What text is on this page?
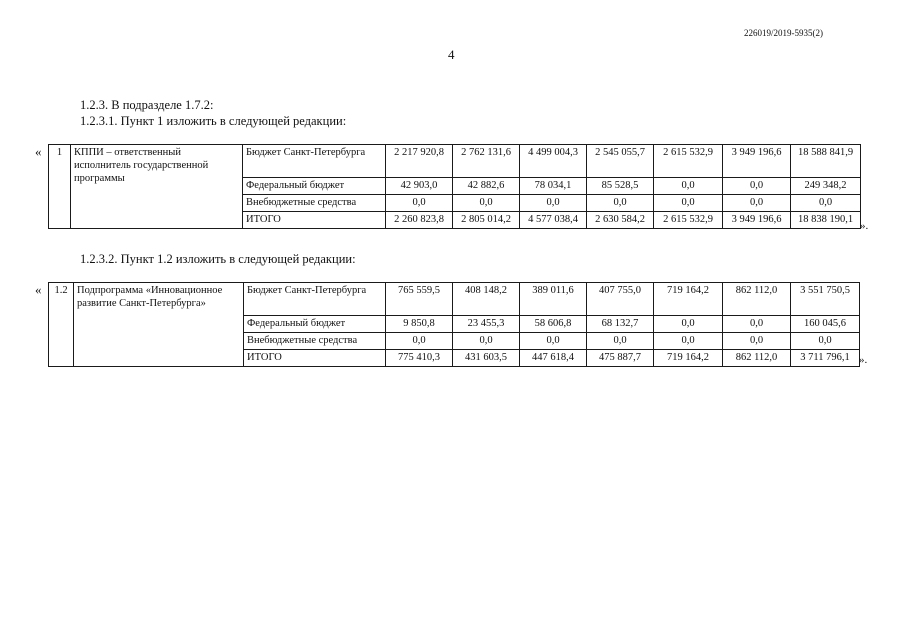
226019/2019-5935(2)
4
1.2.3. В подразделе 1.7.2:
1.2.3.1. Пункт 1 изложить в следующей редакции:
« 1	КППИ – ответственный исполнитель государственной программы	Бюджет Санкт-Петербурга	2 217 920,8	2 762 131,6	4 499 004,3	2 545 055,7	2 615 532,9	3 949 196,6	18 588 841,9
		Федеральный бюджет	42 903,0	42 882,6	78 034,1	85 528,5	0,0	0,0	249 348,2
		Внебюджетные средства	0,0	0,0	0,0	0,0	0,0	0,0	0,0
		ИТОГО	2 260 823,8	2 805 014,2	4 577 038,4	2 630 584,2	2 615 532,9	3 949 196,6	18 838 190,1
».
1.2.3.2. Пункт 1.2 изложить в следующей редакции:
« 1.2	Подпрограмма «Инновационное развитие Санкт-Петербурга»	Бюджет Санкт-Петербурга	765 559,5	408 148,2	389 011,6	407 755,0	719 164,2	862 112,0	3 551 750,5
		Федеральный бюджет	9 850,8	23 455,3	58 606,8	68 132,7	0,0	0,0	160 045,6
		Внебюджетные средства	0,0	0,0	0,0	0,0	0,0	0,0	0,0
		ИТОГО	775 410,3	431 603,5	447 618,4	475 887,7	719 164,2	862 112,0	3 711 796,1 ».
